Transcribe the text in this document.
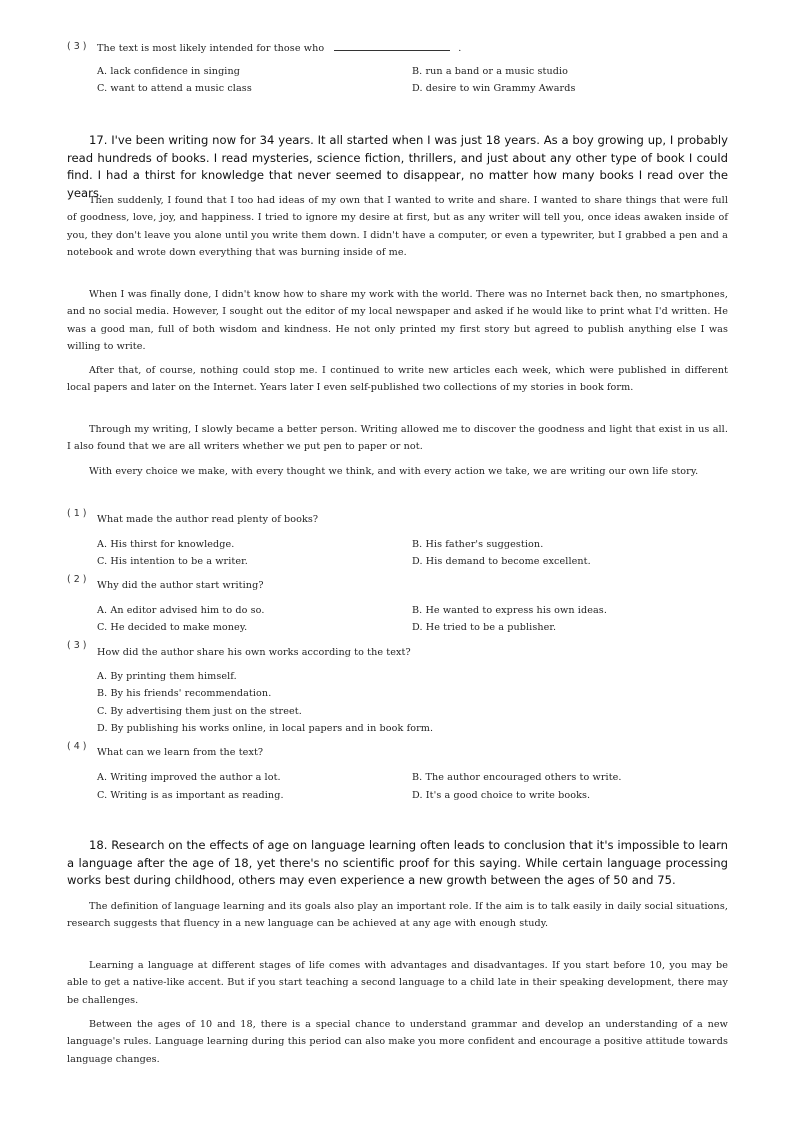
( 3 ) The text is most likely intended for those who	.
A. lack confidence in singing	B. run a band or a music studio
C. want to attend a music class	D. desire to win Grammy Awards
17. I've been writing now for 34 years. It all started when I was just 18 years. As a boy growing up, I probably read hundreds of books. I read mysteries, science fiction, thrillers, and just about any other type of book I could find. I had a thirst for knowledge that never seemed to disappear, no matter how many books I read over the years.
Then suddenly, I found that I too had ideas of my own that I wanted to write and share. I wanted to share things that were full of goodness, love, joy, and happiness. I tried to ignore my desire at first, but as any writer will tell you, once ideas awaken inside of you, they don't leave you alone until you write them down. I didn't have a computer, or even a typewriter, but I grabbed a pen and a notebook and wrote down everything that was burning inside of me.
When I was finally done, I didn't know how to share my work with the world. There was no Internet back then, no smartphones, and no social media. However, I sought out the editor of my local newspaper and asked if he would like to print what I'd written. He was a good man, full of both wisdom and kindness. He not only printed my first story but agreed to publish anything else I was willing to write.
After that, of course, nothing could stop me. I continued to write new articles each week, which were published in different local papers and later on the Internet. Years later I even self-published two collections of my stories in book form.
Through my writing, I slowly became a better person. Writing allowed me to discover the goodness and light that exist in us all. I also found that we are all writers whether we put pen to paper or not.
With every choice we make, with every thought we think, and with every action we take, we are writing our own life story.
( 1 )
What made the author read plenty of books?
A. His thirst for knowledge.	B. His father's suggestion.
C. His intention to be a writer.	D. His demand to become excellent.
( 2 )
Why did the author start writing?
A. An editor advised him to do so.	B. He wanted to express his own ideas.
C. He decided to make money.	D. He tried to be a publisher.
( 3 )
How did the author share his own works according to the text?
A. By printing them himself.
B. By his friends' recommendation.
C. By advertising them just on the street.
D. By publishing his works online, in local papers and in book form.
( 4 )
What can we learn from the text?
A. Writing improved the author a lot.	B. The author encouraged others to write.
C. Writing is as important as reading.	D. It's a good choice to write books.
18. Research on the effects of age on language learning often leads to conclusion that it's impossible to learn a language after the age of 18, yet there's no scientific proof for this saying. While certain language processing works best during childhood, others may even experience a new growth between the ages of 50 and 75.
The definition of language learning and its goals also play an important role. If the aim is to talk easily in daily social situations, research suggests that fluency in a new language can be achieved at any age with enough study.
Learning a language at different stages of life comes with advantages and disadvantages. If you start before 10, you may be able to get a native-like accent. But if you start teaching a second language to a child late in their speaking development, there may be challenges.
Between the ages of 10 and 18, there is a special chance to understand grammar and develop an understanding of a new language's rules. Language learning during this period can also make you more confident and encourage a positive attitude towards language changes.
